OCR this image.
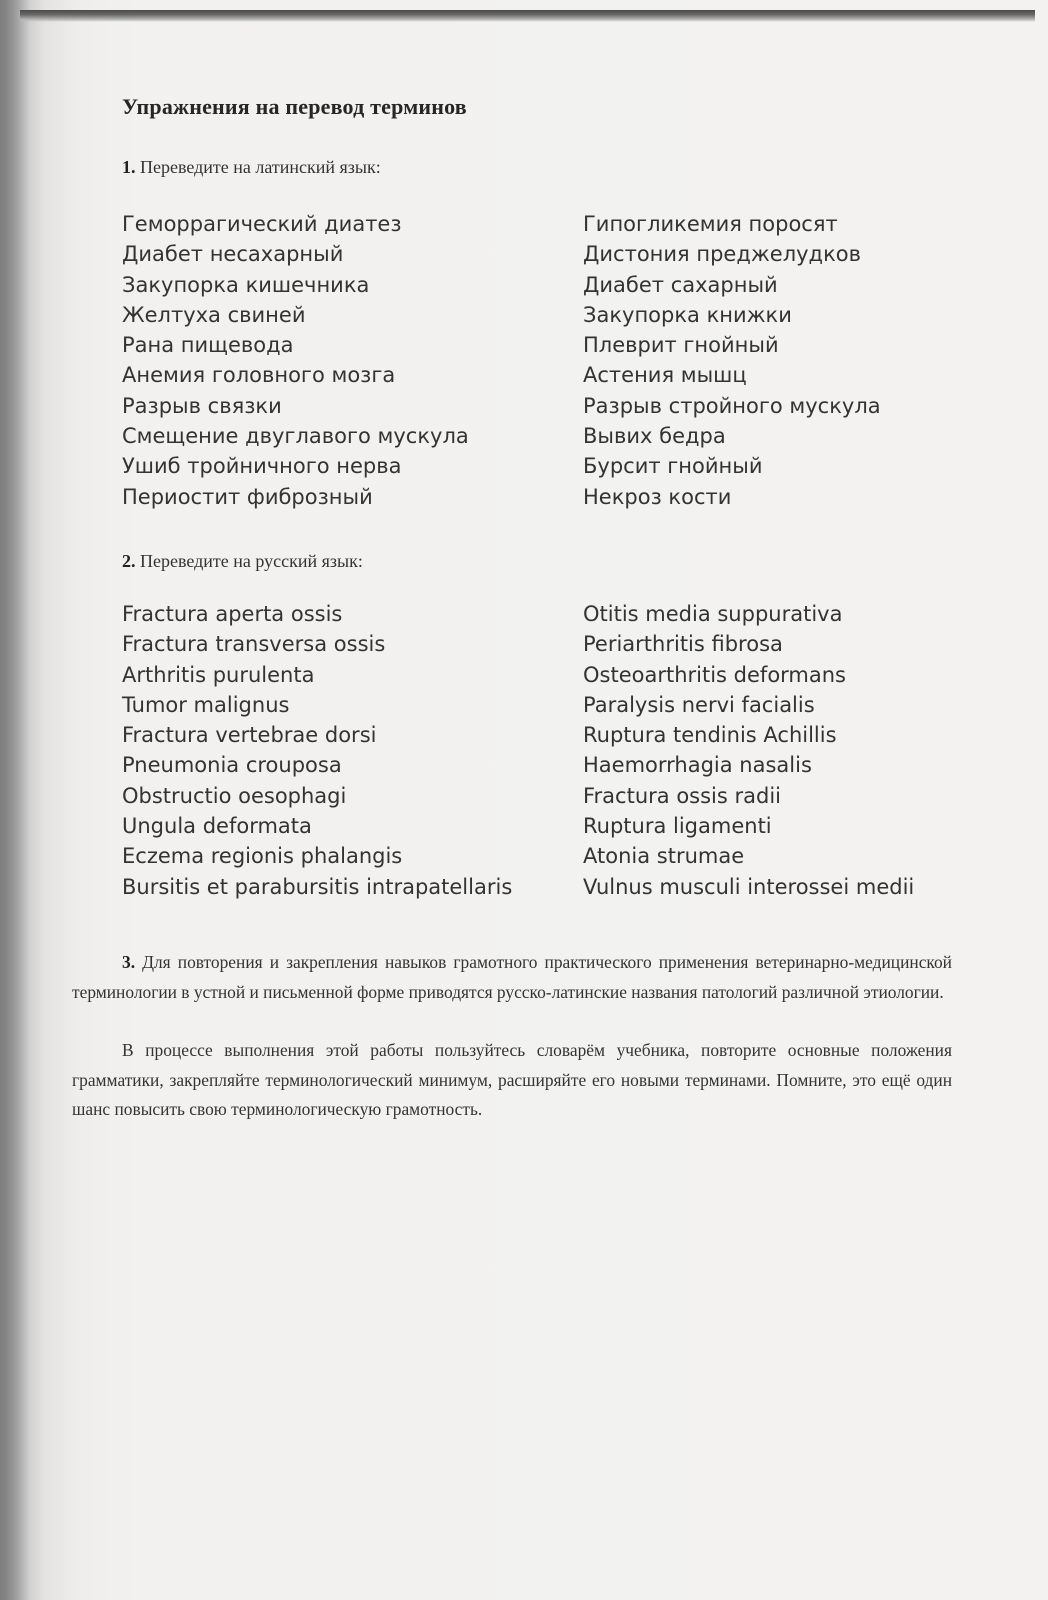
Упражнения на перевод терминов
1. Переведите на латинский язык:
Геморрагический диатез
Диабет несахарный
Закупорка кишечника
Желтуха свиней
Рана пищевода
Анемия головного мозга
Разрыв связки
Смещение двуглавого мускула
Ушиб тройничного нерва
Периостит фиброзный
Гипогликемия поросят
Дистония преджелудков
Диабет сахарный
Закупорка книжки
Плеврит гнойный
Астения мышц
Разрыв стройного мускула
Вывих бедра
Бурсит гнойный
Некроз кости
2. Переведите на русский язык:
Fractura aperta ossis
Fractura transversa ossis
Arthritis purulenta
Tumor malignus
Fractura vertebrae dorsi
Pneumonia crouposa
Obstructio oesophagi
Ungula deformata
Eczema regionis phalangis
Bursitis et parabursitis intrapatellaris
Otitis media suppurativa
Periarthritis fibrosa
Osteoarthritis deformans
Paralysis nervi facialis
Ruptura tendinis Achillis
Haemorrhagia nasalis
Fractura ossis radii
Ruptura ligamenti
Atonia strumae
Vulnus musculi interossei medii

3. Для повторения и закрепления навыков грамотного практического применения ветеринарно-медицинской терминологии в устной и письменной форме приводятся русско-латинские названия патологий различной этиологии.

В процессе выполнения этой работы пользуйтесь словарём учебника, повторите основные положения грамматики, закрепляйте терминологический минимум, расширяйте его новыми терминами. Помните, это ещё один шанс повысить свою терминологическую грамотность.
